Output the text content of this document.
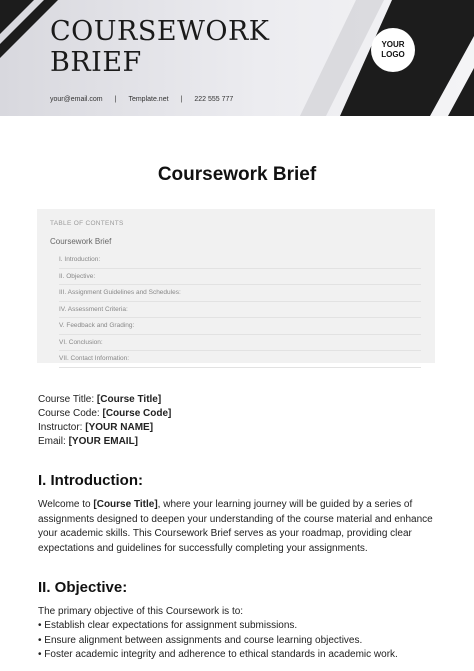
COURSEWORK
BRIEF
your@email.com | Template.net | 222 555 777
YOUR
LOGO
Coursework Brief
TABLE OF CONTENTS
Coursework Brief
I. Introduction:
II. Objective:
III. Assignment Guidelines and Schedules:
IV. Assessment Criteria:
V. Feedback and Grading:
VI. Conclusion:
VII. Contact Information:
Course Title: [Course Title]
Course Code: [Course Code]
Instructor: [YOUR NAME]
Email: [YOUR EMAIL]
I. Introduction:

Welcome to [Course Title], where your learning journey will be guided by a series of assignments designed to deepen your understanding of the course material and enhance your academic skills. This Coursework Brief serves as your roadmap, providing clear expectations and guidelines for successfully completing your assignments.

II. Objective:

The primary objective of this Coursework is to:

• Establish clear expectations for assignment submissions.
• Ensure alignment between assignments and course learning objectives.
• Foster academic integrity and adherence to ethical standards in academic work.
